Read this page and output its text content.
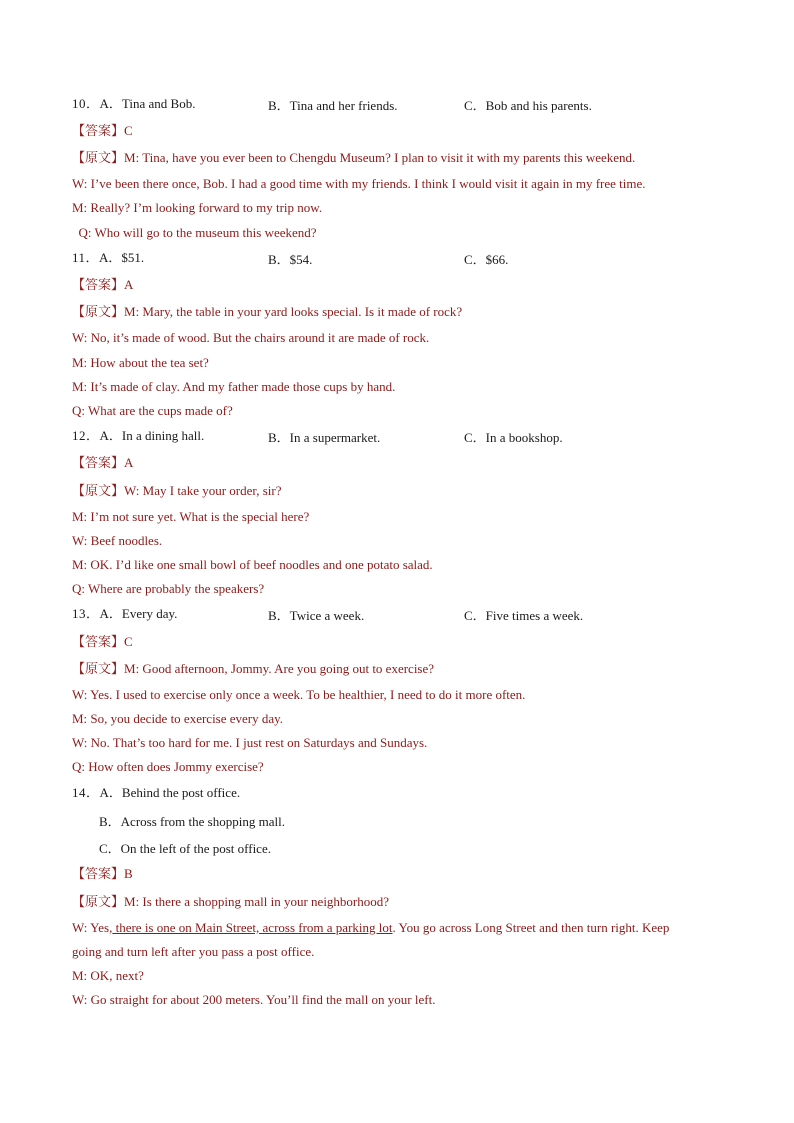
10．A．Tina and Bob.	B．Tina and her friends.	C．Bob and his parents.
【答案】C
【原文】M: Tina, have you ever been to Chengdu Museum? I plan to visit it with my parents this weekend.
W: I’ve been there once, Bob. I had a good time with my friends. I think I would visit it again in my free time.
M: Really? I’m looking forward to my trip now.
Q: Who will go to the museum this weekend?
11．A．$51.	B．$54.	C．$66.
【答案】A
【原文】M: Mary, the table in your yard looks special. Is it made of rock?
W: No, it’s made of wood. But the chairs around it are made of rock.
M: How about the tea set?
M: It’s made of clay. And my father made those cups by hand.
Q: What are the cups made of?
12．A．In a dining hall.	B．In a supermarket.	C．In a bookshop.
【答案】A
【原文】W: May I take your order, sir?
M: I’m not sure yet. What is the special here?
W: Beef noodles.
M: OK. I’d like one small bowl of beef noodles and one potato salad.
Q: Where are probably the speakers?
13．A．Every day.	B．Twice a week.	C．Five times a week.
【答案】C
【原文】M: Good afternoon, Jommy. Are you going out to exercise?
W: Yes. I used to exercise only once a week. To be healthier, I need to do it more often.
M: So, you decide to exercise every day.
W: No. That’s too hard for me. I just rest on Saturdays and Sundays.
Q: How often does Jommy exercise?
14．A．Behind the post office.
B．Across from the shopping mall.
C．On the left of the post office.
【答案】B
【原文】M: Is there a shopping mall in your neighborhood?
W: Yes, there is one on Main Street, across from a parking lot. You go across Long Street and then turn right. Keep
going and turn left after you pass a post office.
M: OK, next?
W: Go straight for about 200 meters. You’ll find the mall on your left.
